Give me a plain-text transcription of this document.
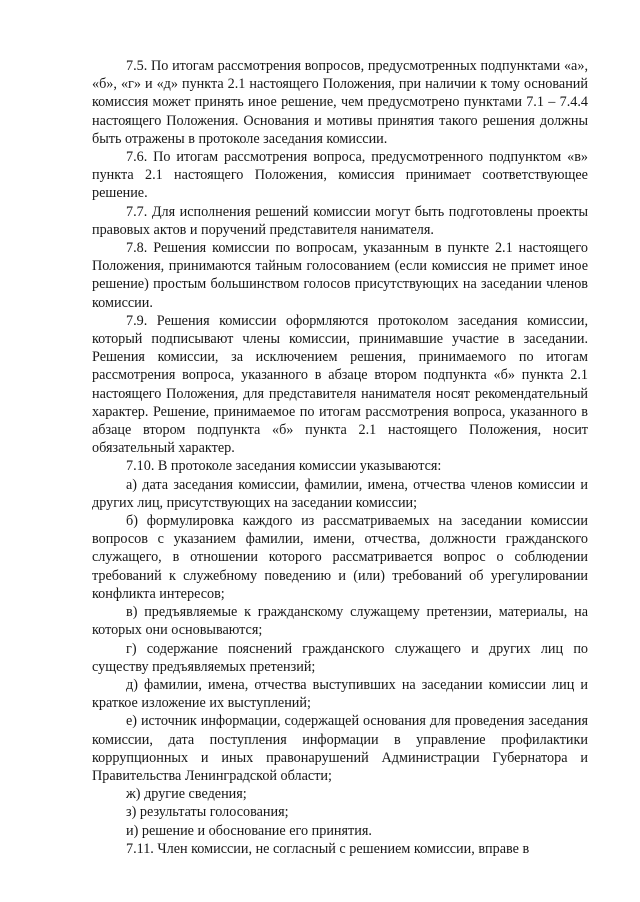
7.5. По итогам рассмотрения вопросов, предусмотренных подпунктами «а», «б», «г» и «д» пункта 2.1 настоящего Положения, при наличии к тому оснований комиссия может принять иное решение, чем предусмотрено пунктами 7.1 – 7.4.4 настоящего Положения. Основания и мотивы принятия такого решения должны быть отражены в протоколе заседания комиссии.

7.6. По итогам рассмотрения вопроса, предусмотренного подпунктом «в» пункта 2.1 настоящего Положения, комиссия принимает соответствующее решение.

7.7. Для исполнения решений комиссии могут быть подготовлены проекты правовых актов и поручений представителя нанимателя.

7.8. Решения комиссии по вопросам, указанным в пункте 2.1 настоящего Положения, принимаются тайным голосованием (если комиссия не примет иное решение) простым большинством голосов присутствующих на заседании членов комиссии.

7.9. Решения комиссии оформляются протоколом заседания комиссии, который подписывают члены комиссии, принимавшие участие в заседании. Решения комиссии, за исключением решения, принимаемого по итогам рассмотрения вопроса, указанного в абзаце втором подпункта «б» пункта 2.1 настоящего Положения, для представителя нанимателя носят рекомендательный характер. Решение, принимаемое по итогам рассмотрения вопроса, указанного в абзаце втором подпункта «б» пункта 2.1 настоящего Положения, носит обязательный характер.

7.10. В протоколе заседания комиссии указываются:

а) дата заседания комиссии, фамилии, имена, отчества членов комиссии и других лиц, присутствующих на заседании комиссии;

б) формулировка каждого из рассматриваемых на заседании комиссии вопросов с указанием фамилии, имени, отчества, должности гражданского служащего, в отношении которого рассматривается вопрос о соблюдении требований к служебному поведению и (или) требований об урегулировании конфликта интересов;

в) предъявляемые к гражданскому служащему претензии, материалы, на которых они основываются;

г) содержание пояснений гражданского служащего и других лиц по существу предъявляемых претензий;

д) фамилии, имена, отчества выступивших на заседании комиссии лиц и краткое изложение их выступлений;

е) источник информации, содержащей основания для проведения заседания комиссии, дата поступления информации в управление профилактики коррупционных и иных правонарушений Администрации Губернатора и Правительства Ленинградской области;

ж) другие сведения;

з) результаты голосования;

и) решение и обоснование его принятия.

7.11. Член комиссии, не согласный с решением комиссии, вправе в
